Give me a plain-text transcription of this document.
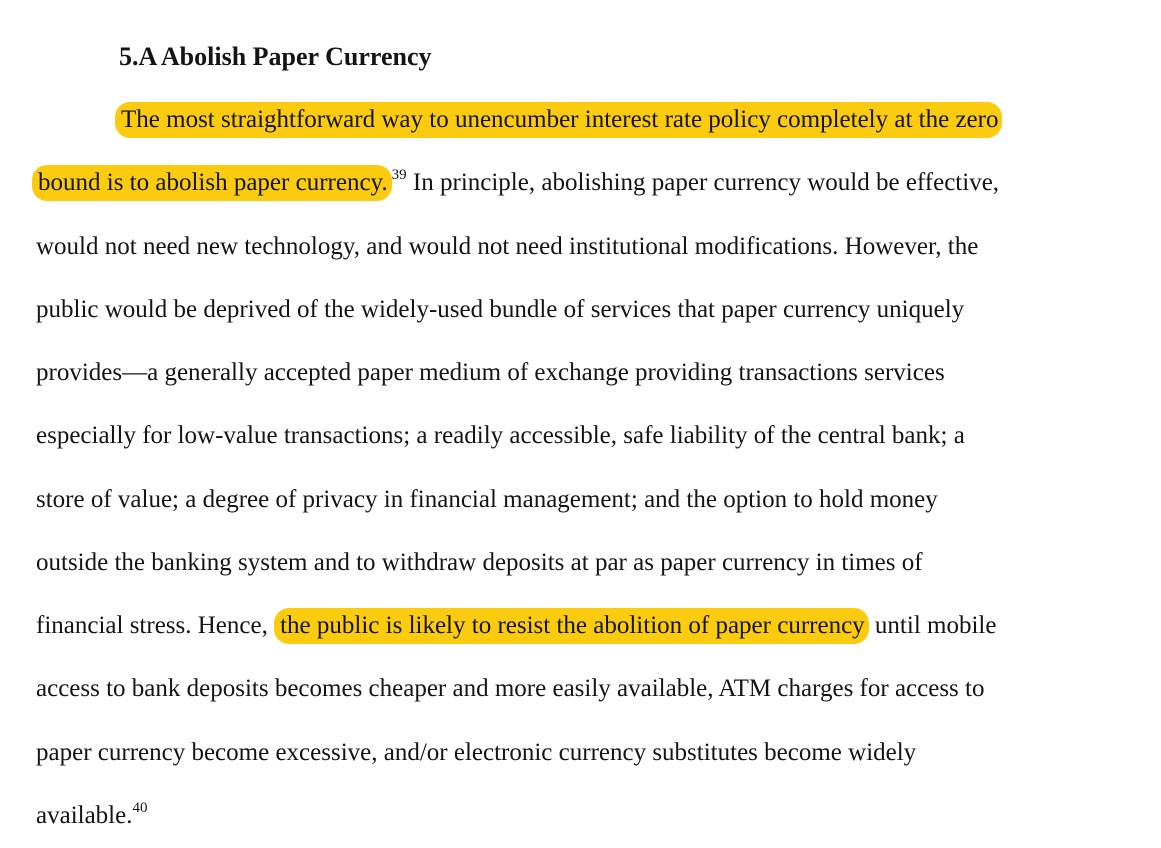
5.A Abolish Paper Currency
The most straightforward way to unencumber interest rate policy completely at the zero
bound is to abolish paper currency. $^{39}$ In principle, abolishing paper currency would be effective,
would not need new technology, and would not need institutional modifications. However, the
public would be deprived of the widely-used bundle of services that paper currency uniquely
provides—a generally accepted paper medium of exchange providing transactions services
especially for low-value transactions; a readily accessible, safe liability of the central bank; a
store of value; a degree of privacy in financial management; and the option to hold money
outside the banking system and to withdraw deposits at par as paper currency in times of
financial stress. Hence, the public is likely to resist the abolition of paper currency until mobile
access to bank deposits becomes cheaper and more easily available, ATM charges for access to
paper currency become excessive, and/or electronic currency substitutes become widely
available.$^{40}$
